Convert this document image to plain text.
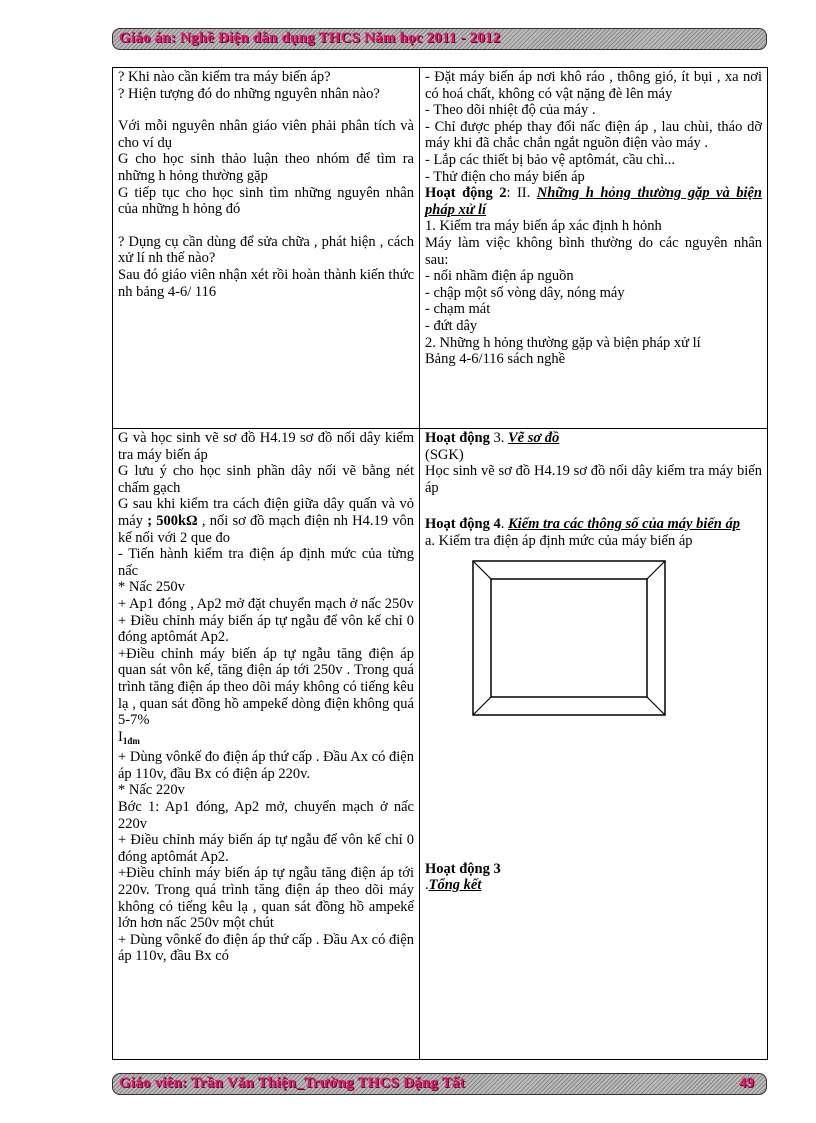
Giáo án: Nghề Điện dân dụng THCS Năm học 2011 - 2012

? Khi nào cần kiểm tra máy biến áp?

? Hiện tượng đó do những nguyên nhân nào?

Với mỗi nguyên nhân giáo viên phải phân tích và cho ví dụ

G cho học sinh thảo luận theo nhóm để tìm ra những h hỏng thường gặp

G tiếp tục cho học sinh tìm những nguyên nhân của những h hỏng đó

? Dụng cụ cần dùng để sửa chữa , phát hiện , cách xử lí nh thế nào?

Sau đó giáo viên nhận xét rồi hoàn thành kiến thức nh bảng 4-6/ 116

- Đặt máy biến áp nơi khô ráo , thông gió, ít bụi , xa nơi có hoá chất, không có vật nặng đè lên máy

- Theo dõi nhiệt độ của máy .

- Chỉ được phép thay đổi nấc điện áp , lau chùi, tháo dỡ máy khi đã chắc chắn ngắt nguồn điện vào máy .

- Lắp các thiết bị bảo vệ aptômát, cầu chì...

- Thử điện cho máy biến áp

Hoạt động 2: II. Những h hỏng thường gặp và biện pháp xử lí

1. Kiểm tra máy biến áp xác định h hỏnh

Máy làm việc không bình thường do các nguyên nhân sau:

- nối nhầm điện áp nguồn

- chập một số vòng dây, nóng máy

- chạm mát

- đứt dây

2. Những h hỏng thường gặp và biện pháp xử lí

Bảng 4-6/116 sách nghề

G và học sinh vẽ sơ đồ H4.19 sơ đồ nối dây kiểm tra máy biến áp

G lưu ý cho học sinh phần dây nối vẽ bằng nét chấm gạch

G sau khi kiểm tra cách điện giữa dây quấn và vỏ máy ; 500kΩ , nối sơ đồ mạch điện nh H4.19 vôn kế nối với 2 que đo

- Tiến hành kiểm tra điện áp định mức của từng nấc

* Nấc 250v

+ Ap1 đóng , Ap2 mở đặt chuyển mạch ở nấc 250v

+ Điều chỉnh máy biến áp tự ngẫu để vôn kế chỉ 0 đóng aptômát Ap2.

+Điều chỉnh máy biến áp tự ngẫu tăng điện áp quan sát vôn kế, tăng điện áp tới 250v . Trong quá trình tăng điện áp theo dõi máy không có tiếng kêu lạ , quan sát đồng hồ ampekế dòng điện không quá 5-7%

$I_{1đm}$

+ Dùng vônkế đo điện áp thứ cấp . Đầu Ax có điện áp 110v, đầu Bx có điện áp 220v.

* Nấc 220v

Bớc 1: Ap1 đóng, Ap2 mở, chuyển mạch ở nấc 220v

+ Điều chỉnh máy biến áp tự ngẫu để vôn kế chỉ 0 đóng aptômát Ap2.

+Điều chỉnh máy biến áp tự ngẫu tăng điện áp tới 220v. Trong quá trình tăng điện áp theo dõi máy không có tiếng kêu lạ , quan sát đồng hồ ampekế lớn hơn nấc 250v một chút

+ Dùng vônkế đo điện áp thứ cấp . Đầu Ax có điện áp 110v, đầu Bx có

Hoạt động 3. Vẽ sơ đồ

(SGK)

Học sinh vẽ sơ đồ H4.19 sơ đồ nối dây kiểm tra máy biến áp

Hoạt động 4. Kiểm tra các thông số của máy biến áp

a. Kiểm tra điện áp định mức của máy biến áp

Hoạt động 3

.Tổng kết

Giáo viên: Trần Văn Thiện_Trường THCS Đặng Tất	49
